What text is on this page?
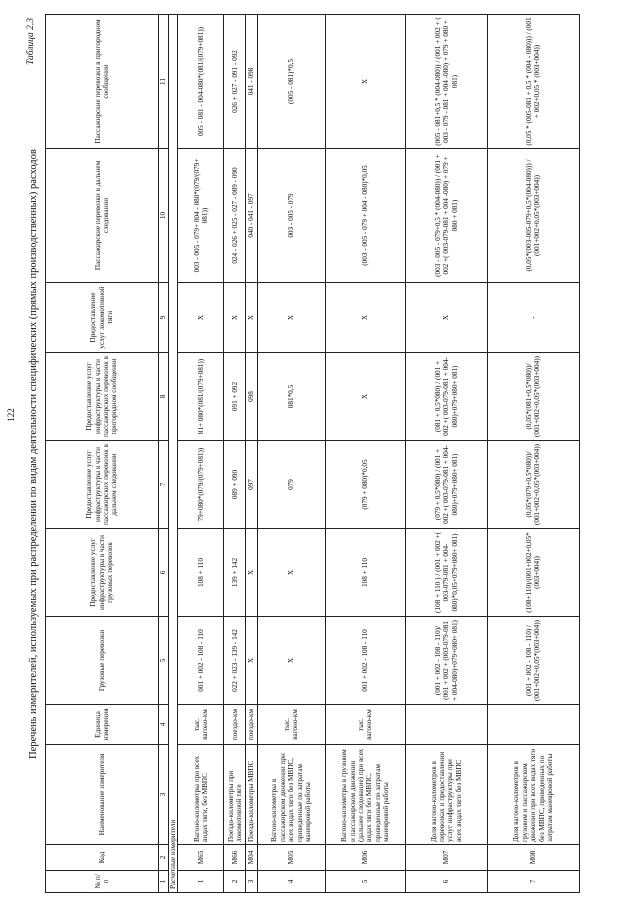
122
Таблица 2.3
Перечень измерителей, используемых при распределении по видам деятельности специфических (прямых производственных) расходов
№ п/п	Код	Наименование измерителя	Единица измерения	Грузовые перевозки	Предоставление услуг инфраструктуры в части грузовых перевозок	Предоставление услуг инфраструктуры в части пассажирских перевозок в дальнем следовании	Предоставление услуг инфраструктуры в части пассажирских перевозок в пригородном сообщении	Предоставление услуг локомотивной тяги	Пассажирские перевозки в дальнем следовании	Пассажирские перевозки в пригородном сообщении
1	2	3	4	5	6	7	8	9	10	11
Расчетные измерители										
1	М65	Вагоно-километры при всех видах тяги, без МВПС	тыс. вагоно-км	001 + 002 - 108 - 110	108 + 110	79+080*(079/(079+081))	81+ 080*(081/(079+081))	X	003 - 005 - 079+ 004 - 080*(079/(079+ 081))	005 - 081 - 004-080*(081/(079+081))
2	М66	Поездо-километры при локомотивной тяге	поездо-км	022 + 023 - 139 - 142	139 + 142	089 + 090	091 + 092	X	024 - 026 + 025 - 027 - 089 - 090	026 + 027 - 091 - 092
3	М04	Поездо-километры МВПС	поездо-км	X	X	097	098	X	040 - 041 - 097	041 - 098
4	М05	Вагоно-километры в пассажирском движении при всех видах тяги без МВПС, приведенные по затратам маневровой работы	тыс. вагоно-км	X	X	079	081*0,5	X	003 - 005 - 079	(005 - 081)*0,5
5	М06	Вагоно-километры в грузовом и пассажирском движении (дальнее следование) при всех видах тяги без МВПС, приведенные по затратам маневровой работы	тыс. вагоно-км	001 + 002 - 108 - 110	108 + 110	(079 + 080)*0,05	X	X	(003 - 005 - 079 + 004 - 080)*0,05	X
6	М07	Доля вагоно-километров в перевозках и предоставлении услуг инфраструктуры при всех видах тяги без МВПС		(001 + 002 - 108 - 110)/ (001 + 002 + (003-079-081 + 004-080)+079+080+ 081)	(108 + 110 ) / (001 + 002 +( 003-079-081 + 004-080)*0,05+079+080+ 081)	(079 + 0,5*080) / (001 + 002 +( 003-079-081 + 004-080)+079+080+ 081)	(081 + 0,5*080) / (001 + 002 +( 003-079-081 + 004-080)+079+080+ 081)	X	(003 - 005 - 079+0,5 * (004-080)) / (001 + 002 +( 003-079-081 + 004 -080) + 079 + 080 + 081)	(005 - 081+0,5 * (004-080)) / (001 + 002 + ( 003 - 079 - 081 + 004 -080) + 079 + 080 + 081)
7	М08	Доля вагоно-километров в грузовом и пассажирском движении при всех видах тяги без МВПС, приведенных по затратам маневровой работы		(001 + 002 - 108 - 110) / (001+002+0,05*(003+004))	(108+110)/(001+002+0,05*(003+004))	(0,05*(079+0,5*080))/ (001+002+0,05*(003+004))	(0,05*(081+0,5*080))/ (001+002+0,05*(003+004))	-	(0,05*(003-005-079+0,5*(004-080))) / (001+002+0,05*(003+004))	(0,05 * (005-081 + 0,5 * (004 - 080))) / (001 + 002+0,05 * (003+004))
